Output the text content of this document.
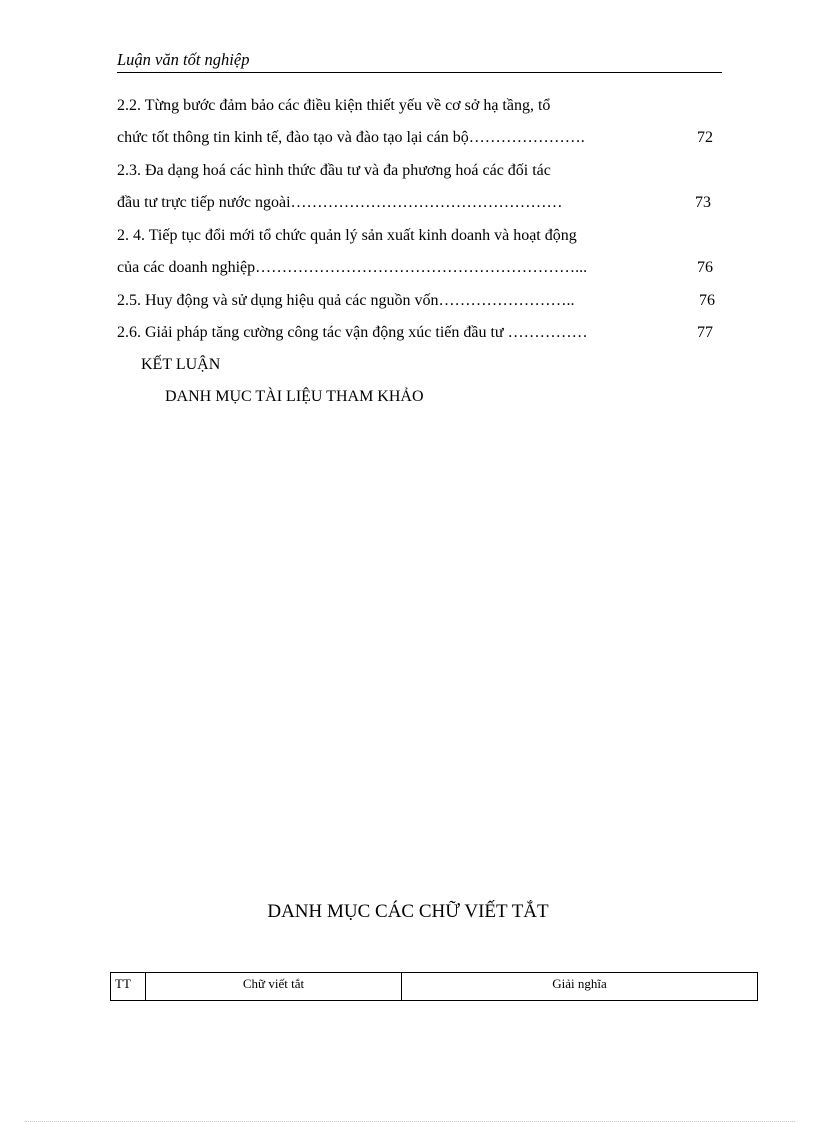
Luận văn tốt nghiệp
2.2. Từng bước đảm bảo các điều kiện thiết yếu về cơ sở hạ tầng, tổ
chức tốt thông tin kinh tế, đào tạo và đào tạo lại cán bộ………………….	72
2.3. Đa dạng hoá các hình thức đầu tư và đa phương hoá các đối tác
đầu tư trực tiếp nước ngoài……………………………………………	73
2. 4. Tiếp tục đổi mới tổ chức quản lý sản xuất kinh doanh và hoạt động
của các doanh nghiệp……………………………………………………...	76
2.5. Huy động và sử dụng hiệu quả các nguồn vốn……………………..	76
2.6. Giải pháp tăng cường công tác vận động xúc tiến đầu tư ……………	77
KẾT LUẬN
DANH MỤC TÀI LIỆU THAM KHẢO
DANH MỤC CÁC CHỮ VIẾT TẮT
TT	Chữ viết tắt	Giải nghĩa
